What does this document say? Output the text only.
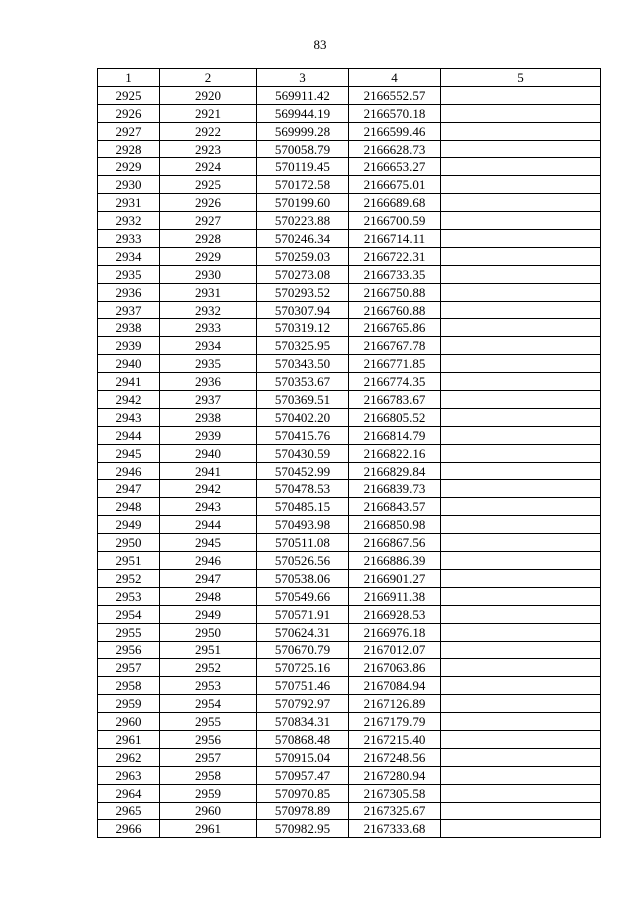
83
1	2	3	4	5
2925	2920	569911.42	2166552.57	
2926	2921	569944.19	2166570.18	
2927	2922	569999.28	2166599.46	
2928	2923	570058.79	2166628.73	
2929	2924	570119.45	2166653.27	
2930	2925	570172.58	2166675.01	
2931	2926	570199.60	2166689.68	
2932	2927	570223.88	2166700.59	
2933	2928	570246.34	2166714.11	
2934	2929	570259.03	2166722.31	
2935	2930	570273.08	2166733.35	
2936	2931	570293.52	2166750.88	
2937	2932	570307.94	2166760.88	
2938	2933	570319.12	2166765.86	
2939	2934	570325.95	2166767.78	
2940	2935	570343.50	2166771.85	
2941	2936	570353.67	2166774.35	
2942	2937	570369.51	2166783.67	
2943	2938	570402.20	2166805.52	
2944	2939	570415.76	2166814.79	
2945	2940	570430.59	2166822.16	
2946	2941	570452.99	2166829.84	
2947	2942	570478.53	2166839.73	
2948	2943	570485.15	2166843.57	
2949	2944	570493.98	2166850.98	
2950	2945	570511.08	2166867.56	
2951	2946	570526.56	2166886.39	
2952	2947	570538.06	2166901.27	
2953	2948	570549.66	2166911.38	
2954	2949	570571.91	2166928.53	
2955	2950	570624.31	2166976.18	
2956	2951	570670.79	2167012.07	
2957	2952	570725.16	2167063.86	
2958	2953	570751.46	2167084.94	
2959	2954	570792.97	2167126.89	
2960	2955	570834.31	2167179.79	
2961	2956	570868.48	2167215.40	
2962	2957	570915.04	2167248.56	
2963	2958	570957.47	2167280.94	
2964	2959	570970.85	2167305.58	
2965	2960	570978.89	2167325.67	
2966	2961	570982.95	2167333.68	
